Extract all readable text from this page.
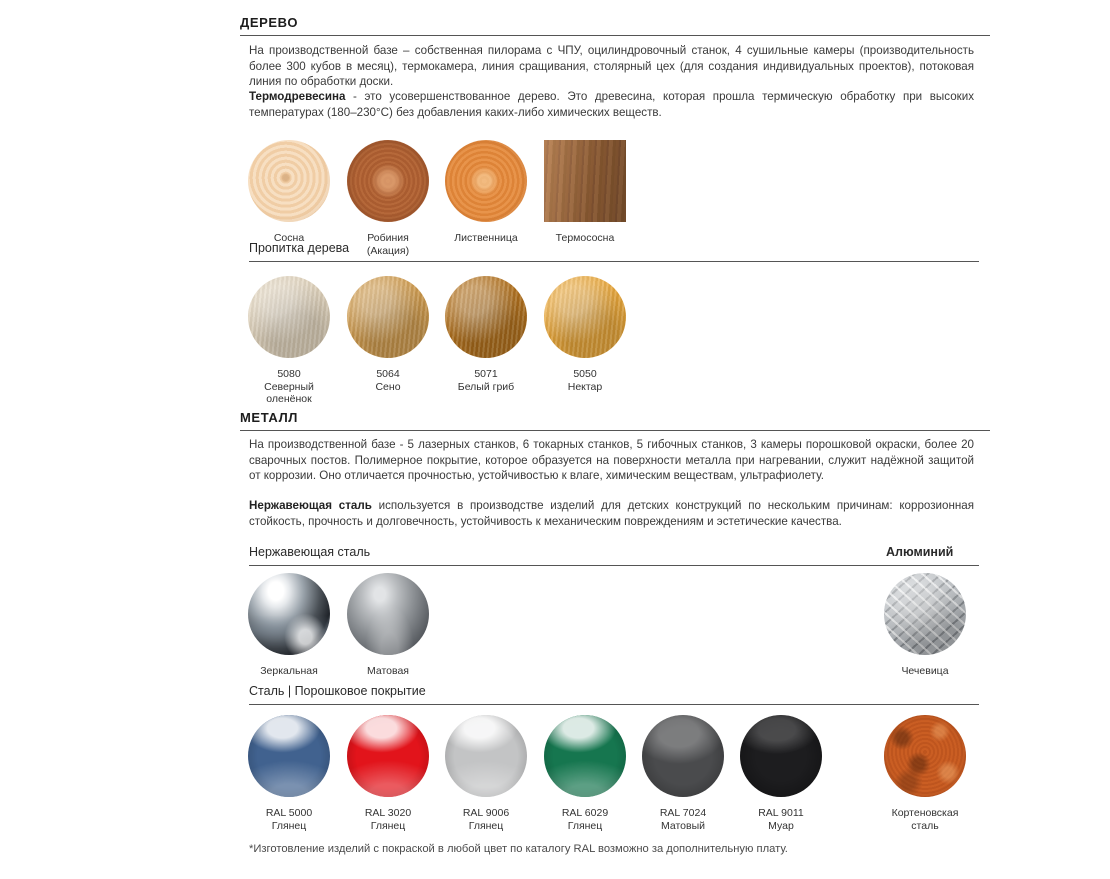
ДЕРЕВО
На производственной базе – собственная пилорама с ЧПУ, оцилиндровочный станок, 4 сушильные камеры (производительность более 300 кубов в месяц), термокамера, линия сращивания, столярный цех (для создания индивидуальных проектов), потоковая линия по обработки доски.
Термодревесина - это усовершенствованное дерево. Это древесина, которая прошла термическую обработку при высоких температурах (180–230°С) без добавления каких-либо химических веществ.
Сосна	Робиния (Акация)
Лиственница	Термососна
Пропитка дерева
5080
Северный
оленёнок
5064
Сено
5071
Белый гриб
5050
Нектар
МЕТАЛЛ
На производственной базе - 5 лазерных станков, 6 токарных станков, 5 гибочных станков, 3 камеры порошковой окраски, более 20 сварочных постов. Полимерное покрытие, которое образуется на поверхности металла при нагревании, служит надёжной защитой от коррозии. Оно отличается прочностью, устойчивостью к влаге, химическим веществам, ультрафиолету.
Нержавеющая сталь используется в производстве изделий для детских конструкций по нескольким причинам: коррозионная стойкость, прочность и долговечность, устойчивость к механическим повреждениям и эстетические качества.
Нержавеющая сталь	Алюминий
Зеркальная	Матовая	Чечевица
Сталь | Порошковое покрытие
RAL 5000
Глянец
RAL 3020
Глянец
RAL 9006
Глянец
RAL 6029
Глянец
RAL 7024
Матовый
RAL 9011
Муар
Кортеновская
сталь
*Изготовление изделий с покраской в любой цвет по каталогу RAL возможно за дополнительную плату.
